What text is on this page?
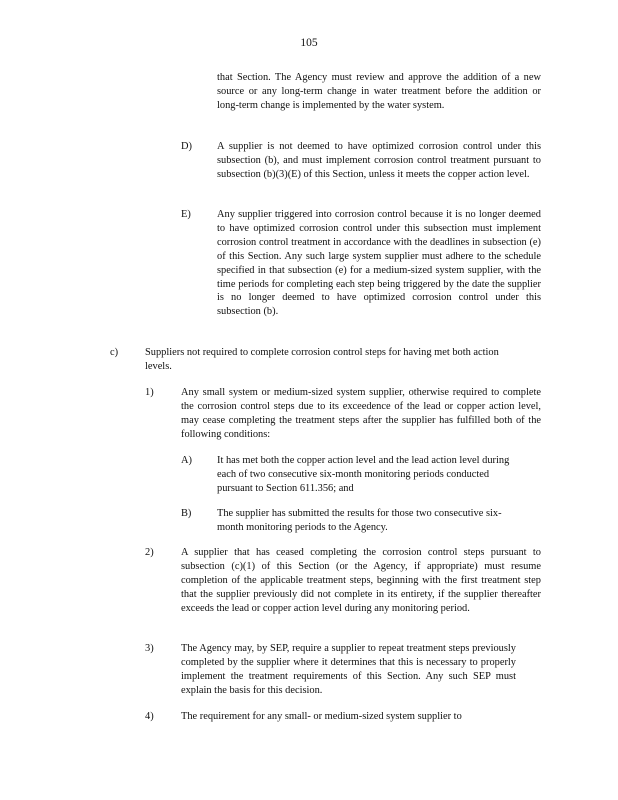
105
that Section. The Agency must review and approve the addition of a new source or any long-term change in water treatment before the addition or long-term change is implemented by the water system.
D) A supplier is not deemed to have optimized corrosion control under this subsection (b), and must implement corrosion control treatment pursuant to subsection (b)(3)(E) of this Section, unless it meets the copper action level.
E)	Any supplier triggered into corrosion control because it is no longer deemed to have optimized corrosion control under this subsection must implement corrosion control treatment in accordance with the deadlines in subsection (e) of this Section. Any such large system supplier must adhere to the schedule specified in that subsection (e) for a medium-sized system supplier, with the time periods for completing each step being triggered by the date the supplier is no longer deemed to have optimized corrosion control under this subsection (b).
c)	Suppliers not required to complete corrosion control steps for having met both action levels.
1)	Any small system or medium-sized system supplier, otherwise required to complete the corrosion control steps due to its exceedence of the lead or copper action level, may cease completing the treatment steps after the supplier has fulfilled both of the following conditions:
A) It has met both the copper action level and the lead action level during each of two consecutive six-month monitoring periods conducted pursuant to Section 611.356; and
B) The supplier has submitted the results for those two consecutive six-month monitoring periods to the Agency.
2)	A supplier that has ceased completing the corrosion control steps pursuant to subsection (c)(1) of this Section (or the Agency, if appropriate) must resume completion of the applicable treatment steps, beginning with the first treatment step that the supplier previously did not complete in its entirety, if the supplier thereafter exceeds the lead or copper action level during any monitoring period.
3)	The Agency may, by SEP, require a supplier to repeat treatment steps previously completed by the supplier where it determines that this is necessary to properly implement the treatment requirements of this Section. Any such SEP must explain the basis for this decision.
4)	The requirement for any small- or medium-sized system supplier to
